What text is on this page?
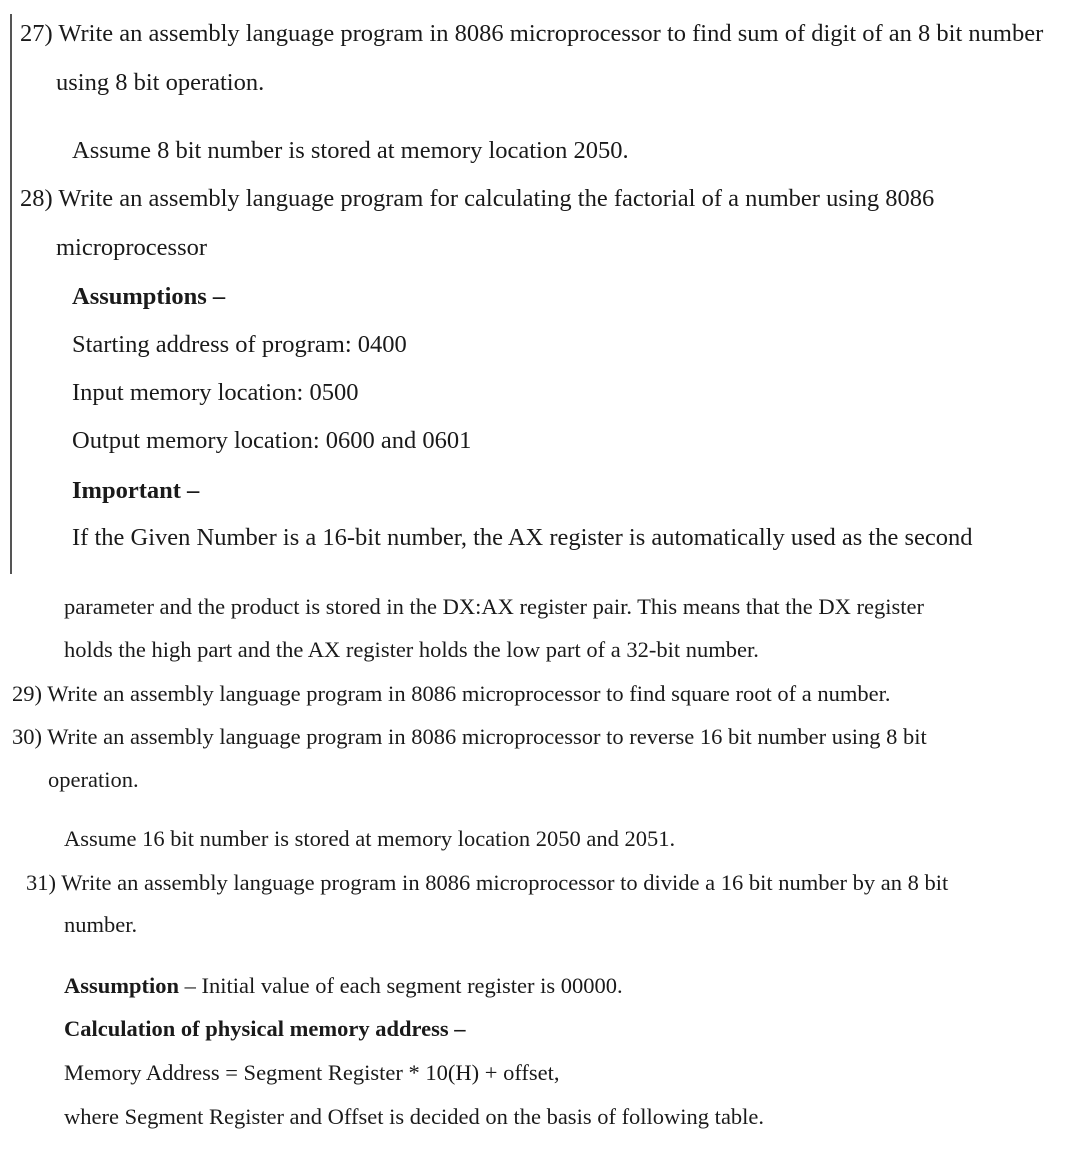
27) Write an assembly language program in 8086 microprocessor to find sum of digit of an 8 bit number
using 8 bit operation.
Assume 8 bit number is stored at memory location 2050.
28) Write an assembly language program for calculating the factorial of a number using 8086
microprocessor
Assumptions –
Starting address of program: 0400
Input memory location: 0500
Output memory location: 0600 and 0601
Important –
If the Given Number is a 16-bit number, the AX register is automatically used as the second
parameter and the product is stored in the DX:AX register pair. This means that the DX register
holds the high part and the AX register holds the low part of a 32-bit number.
29) Write an assembly language program in 8086 microprocessor to find square root of a number.
30) Write an assembly language program in 8086 microprocessor to reverse 16 bit number using 8 bit
operation.
Assume 16 bit number is stored at memory location 2050 and 2051.
31) Write an assembly language program in 8086 microprocessor to divide a 16 bit number by an 8 bit
number.
Assumption – Initial value of each segment register is 00000.
Calculation of physical memory address –
Memory Address = Segment Register * 10(H) + offset,
where Segment Register and Offset is decided on the basis of following table.
